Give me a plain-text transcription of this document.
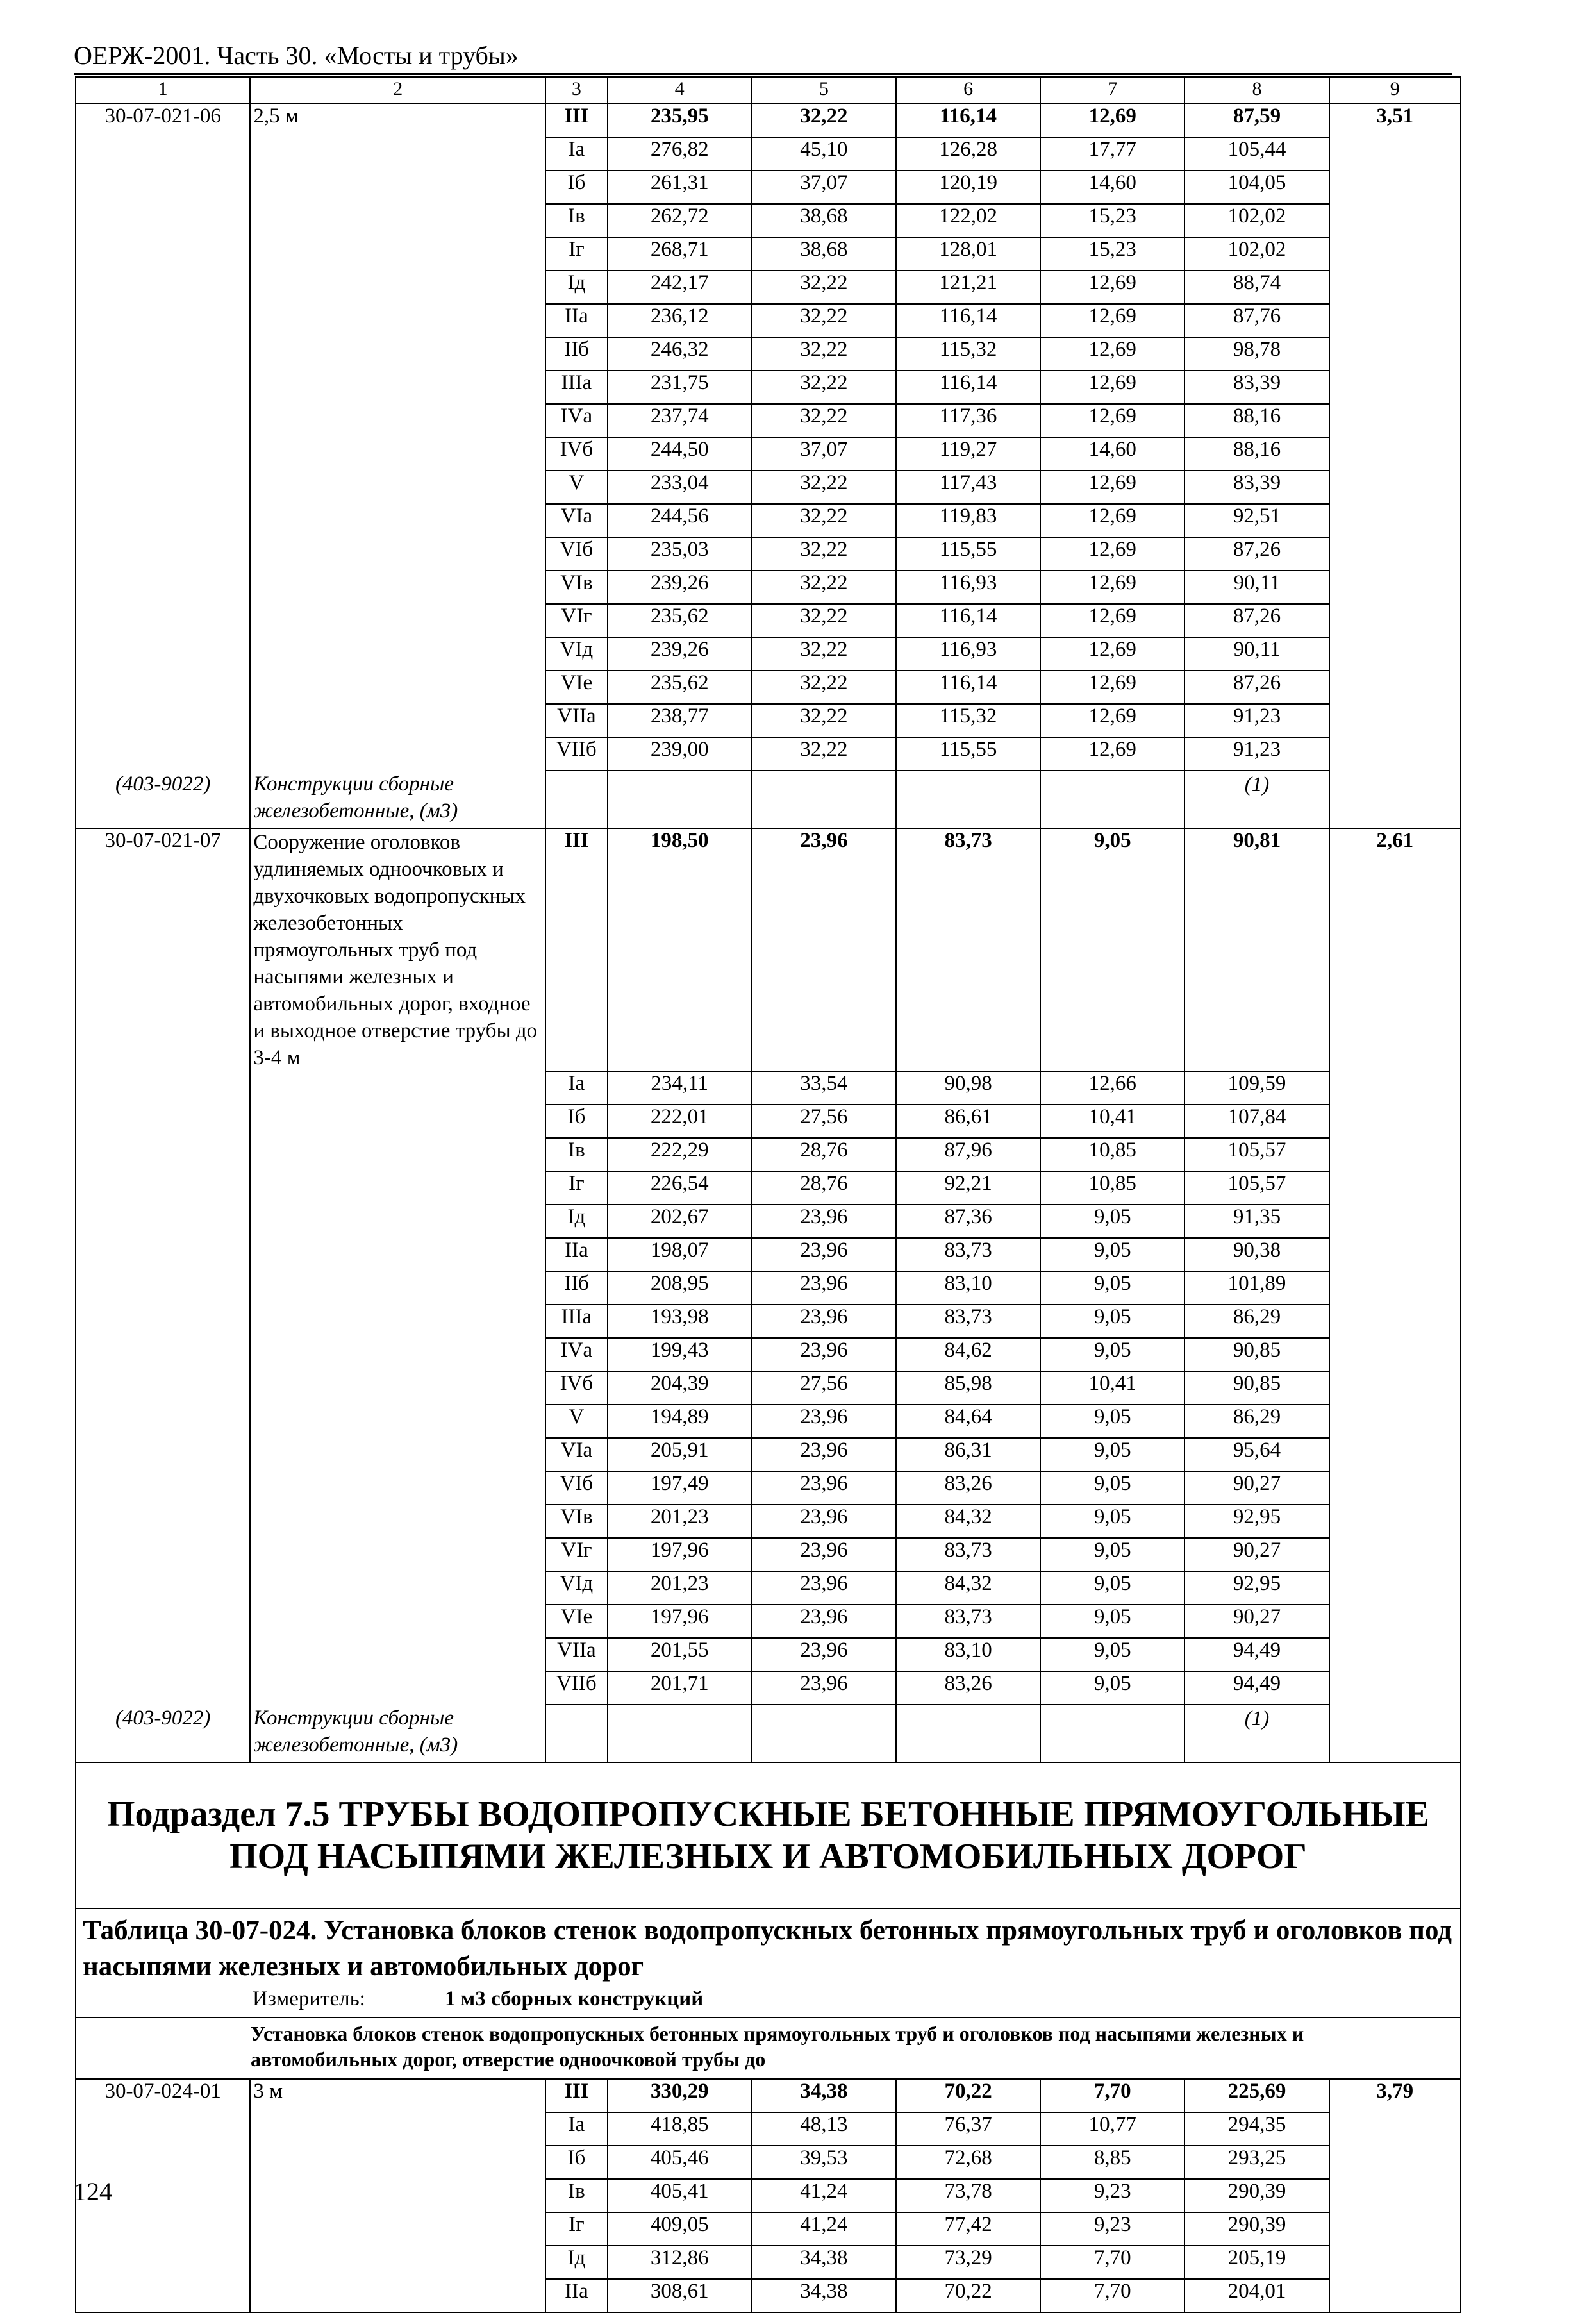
ОЕРЖ-2001. Часть 30. «Мосты и трубы»
1	2	3	4	5	6	7	8	9
30-07-021-06	2,5 м	III	235,95	32,22	116,14	12,69	87,59	3,51
		Iа	276,82	45,10	126,28	17,77	105,44	
		Iб	261,31	37,07	120,19	14,60	104,05	
		Iв	262,72	38,68	122,02	15,23	102,02	
		Iг	268,71	38,68	128,01	15,23	102,02	
		Iд	242,17	32,22	121,21	12,69	88,74	
		IIа	236,12	32,22	116,14	12,69	87,76	
		IIб	246,32	32,22	115,32	12,69	98,78	
		IIIа	231,75	32,22	116,14	12,69	83,39	
		IVа	237,74	32,22	117,36	12,69	88,16	
		IVб	244,50	37,07	119,27	14,60	88,16	
		V	233,04	32,22	117,43	12,69	83,39	
		VIа	244,56	32,22	119,83	12,69	92,51	
		VIб	235,03	32,22	115,55	12,69	87,26	
		VIв	239,26	32,22	116,93	12,69	90,11	
		VIг	235,62	32,22	116,14	12,69	87,26	
		VIд	239,26	32,22	116,93	12,69	90,11	
		VIе	235,62	32,22	116,14	12,69	87,26	
		VIIа	238,77	32,22	115,32	12,69	91,23	
		VIIб	239,00	32,22	115,55	12,69	91,23	
(403-9022)	Конструкции сборные железобетонные, (м3)						(1)	
30-07-021-07	Сооружение оголовков удлиняемых одноочковых и двухочковых водопропускных железобетонных прямоугольных труб под насыпями железных и автомобильных дорог, входное и выходное отверстие трубы до 3-4 м	III	198,50	23,96	83,73	9,05	90,81	2,61
		Iа	234,11	33,54	90,98	12,66	109,59	
		Iб	222,01	27,56	86,61	10,41	107,84	
		Iв	222,29	28,76	87,96	10,85	105,57	
		Iг	226,54	28,76	92,21	10,85	105,57	
		Iд	202,67	23,96	87,36	9,05	91,35	
		IIа	198,07	23,96	83,73	9,05	90,38	
		IIб	208,95	23,96	83,10	9,05	101,89	
		IIIа	193,98	23,96	83,73	9,05	86,29	
		IVа	199,43	23,96	84,62	9,05	90,85	
		IVб	204,39	27,56	85,98	10,41	90,85	
		V	194,89	23,96	84,64	9,05	86,29	
		VIа	205,91	23,96	86,31	9,05	95,64	
		VIб	197,49	23,96	83,26	9,05	90,27	
		VIв	201,23	23,96	84,32	9,05	92,95	
		VIг	197,96	23,96	83,73	9,05	90,27	
		VIд	201,23	23,96	84,32	9,05	92,95	
		VIе	197,96	23,96	83,73	9,05	90,27	
		VIIа	201,55	23,96	83,10	9,05	94,49	
		VIIб	201,71	23,96	83,26	9,05	94,49	
(403-9022)	Конструкции сборные железобетонные, (м3)						(1)	
Подраздел 7.5 ТРУБЫ ВОДОПРОПУСКНЫЕ БЕТОННЫЕ ПРЯМОУГОЛЬНЫЕ ПОД НАСЫПЯМИ ЖЕЛЕЗНЫХ И АВТОМОБИЛЬНЫХ ДОРОГ								

Таблица 30-07-024. Установка блоков стенок водопропускных бетонных прямоугольных труб и оголовков под насыпями железных и автомобильных дорог
Измеритель: 1 м3 сборных конструкций								

Установка блоков стенок водопропускных бетонных прямоугольных труб и оголовков под насыпями железных и автомобильных дорог, отверстие одноочковой трубы до								
30-07-024-01	3 м	III	330,29	34,38	70,22	7,70	225,69	3,79
		Iа	418,85	48,13	76,37	10,77	294,35	
		Iб	405,46	39,53	72,68	8,85	293,25	
		Iв	405,41	41,24	73,78	9,23	290,39	
		Iг	409,05	41,24	77,42	9,23	290,39	
		Iд	312,86	34,38	73,29	7,70	205,19	
		IIа	308,61	34,38	70,22	7,70	204,01	
124
